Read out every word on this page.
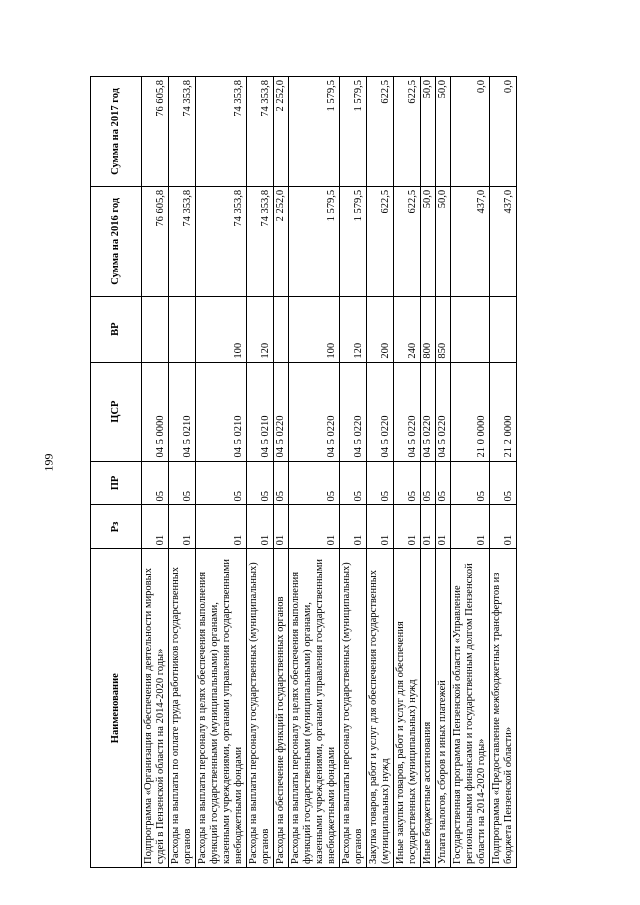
199
Наименование	Рз	ПР	ЦСР	ВР	Сумма на 2016 год	Сумма на 2017 год
Подпрограмма «Организация обеспечения деятельности мировых судей в Пензенской области на 2014-2020 годы»	01	05	04 5 0000		76 605,8	76 605,8
Расходы на выплаты по оплате труда работников государственных органов	01	05	04 5 0210		74 353,8	74 353,8
Расходы на выплаты персоналу в целях обеспечения выполнения функций государственными (муниципальными) органами, казенными учреждениями, органами управления государственными внебюджетными фондами	01	05	04 5 0210	100	74 353,8	74 353,8
Расходы на выплаты персоналу государственных (муниципальных) органов	01	05	04 5 0210	120	74 353,8	74 353,8
Расходы на обеспечение функций государственных органов	01	05	04 5 0220		2 252,0	2 252,0
Расходы на выплаты персоналу в целях обеспечения выполнения функций государственными (муниципальными) органами, казенными учреждениями, органами управления государственными внебюджетными фондами	01	05	04 5 0220	100	1 579,5	1 579,5
Расходы на выплаты персоналу государственных (муниципальных) органов	01	05	04 5 0220	120	1 579,5	1 579,5
Закупка товаров, работ и услуг для обеспечения государственных (муниципальных) нужд	01	05	04 5 0220	200	622,5	622,5
Иные закупки товаров, работ и услуг для обеспечения государственных (муниципальных) нужд	01	05	04 5 0220	240	622,5	622,5
Иные бюджетные ассигнования	01	05	04 5 0220	800	50,0	50,0
Уплата налогов, сборов и иных платежей	01	05	04 5 0220	850	50,0	50,0
Государственная программа Пензенской области «Управление региональными финансами и государственным долгом Пензенской области на 2014-2020 годы»	01	05	21 0 0000		437,0	0,0
Подпрограмма «Предоставление межбюджетных трансфертов из бюджета Пензенской области»	01	05	21 2 0000		437,0	0,0
